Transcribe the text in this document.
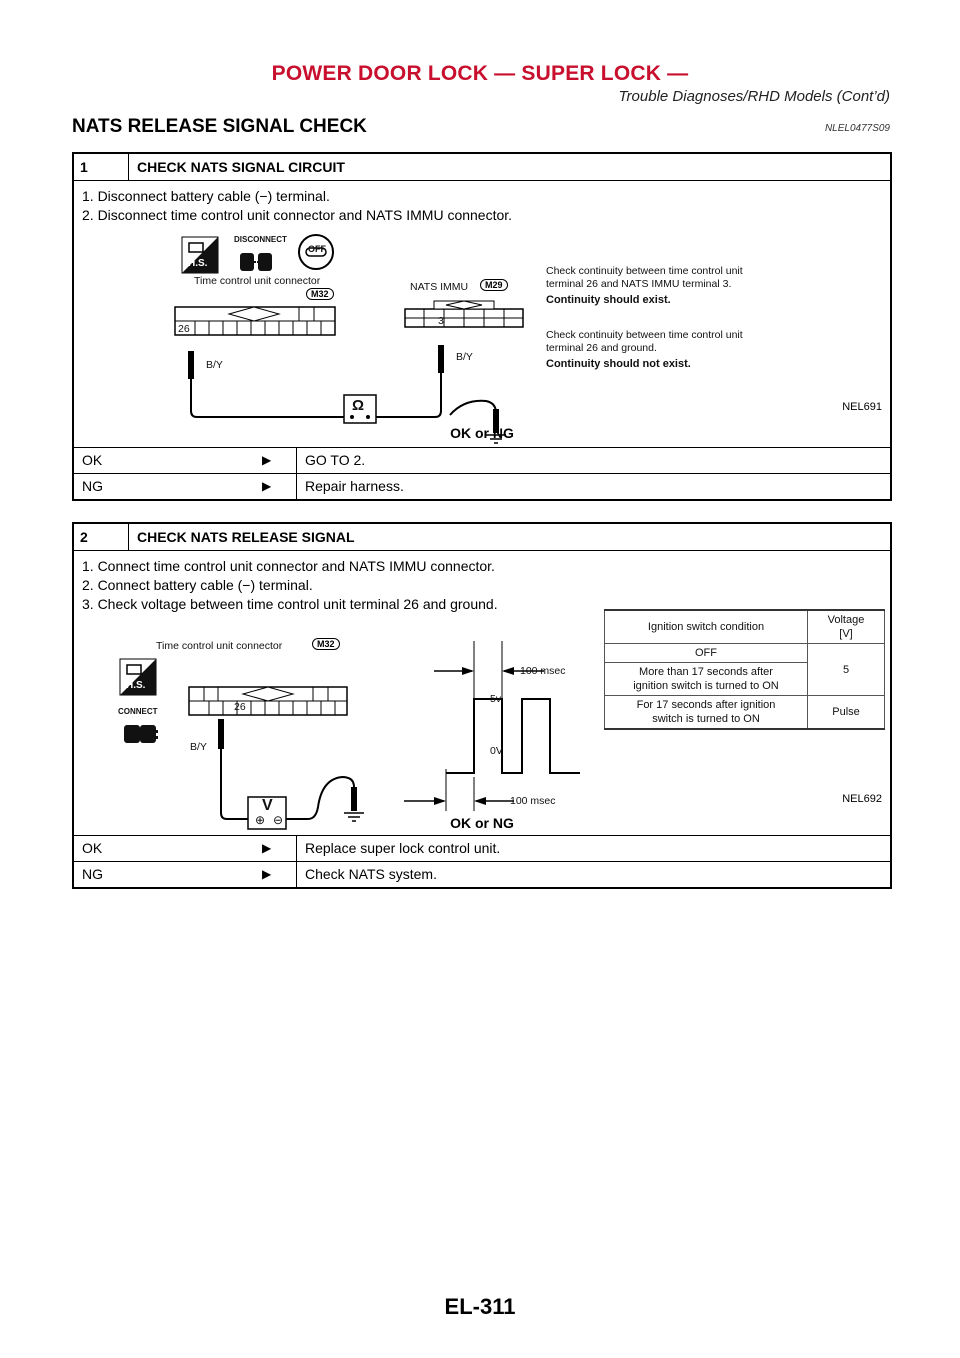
POWER DOOR LOCK — SUPER LOCK —
Trouble Diagnoses/RHD Models (Cont’d)
NATS RELEASE SIGNAL CHECK	NLEL0477S09
1	CHECK NATS SIGNAL CIRCUIT
1. Disconnect battery cable (−) terminal.
2. Disconnect time control unit connector and NATS IMMU connector.
H.S.
DISCONNECT
OFF
Time control unit connector
M32
26
B/Y
NATS IMMU	M29
3
B/Y
Ω
Check continuity between time control unit
terminal 26 and NATS IMMU terminal 3.
Continuity should exist.
Check continuity between time control unit
terminal 26 and ground.
Continuity should not exist.
NEL691
OK or NG
OK	▶	GO TO 2.
NG	▶	Repair harness.
2	CHECK NATS RELEASE SIGNAL
1. Connect time control unit connector and NATS IMMU connector.
2. Connect battery cable (−) terminal.
3. Check voltage between time control unit terminal 26 and ground.
H.S.
CONNECT
Time control unit connector	M32
26
B/Y
V
⊕ ⊖
100 msec
5v
0V
100 msec
Ignition switch condition	Voltage
[V]

OFF	5

More than 17 seconds after
ignition switch is turned to ON	

For 17 seconds after ignition
switch is turned to ON	Pulse
NEL692
OK or NG
OK	▶	Replace super lock control unit.
NG	▶	Check NATS system.
EL-311
